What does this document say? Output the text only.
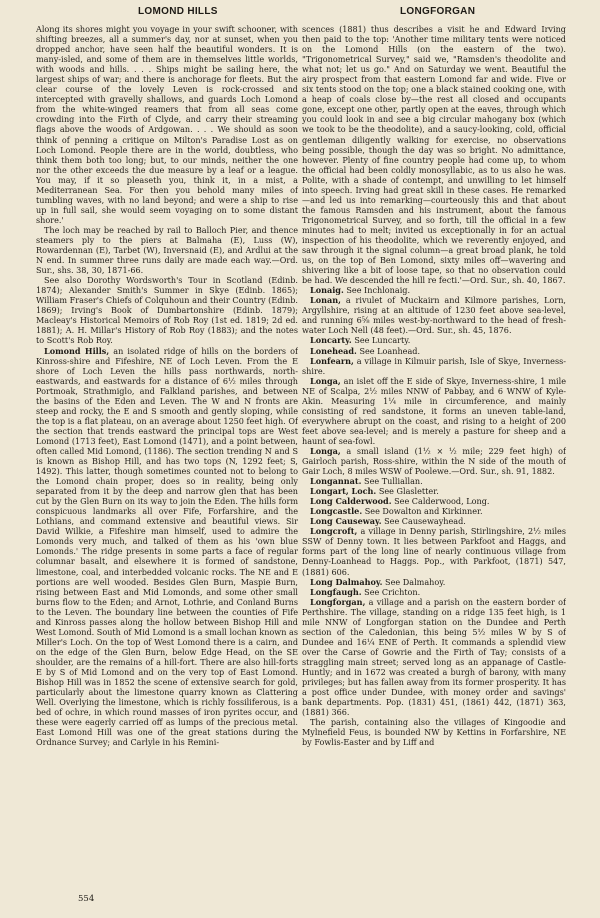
LOMOND HILLS	LONGFORGAN

Along its shores might you voyage in your swift schooner, with shifting breezes, all a summer's day, nor at sunset, when you dropped anchor, have seen half the beautiful wonders. It is many-isled, and some of them are in themselves little worlds, with woods and hills. . . . Ships might be sailing here, the largest ships of war; and there is anchorage for fleets. But the clear course of the lovely Leven is rock-crossed and intercepted with gravelly shallows, and guards Loch Lomond from the white-winged reamers that from all seas come crowding into the Firth of Clyde, and carry their streaming flags above the woods of Ardgowan. . . . We should as soon think of penning a critique on Milton's Paradise Lost as on Loch Lomond. People there are in the world, doubtless, who think them both too long; but, to our minds, neither the one nor the other exceeds the due measure by a leaf or a league. You may, if it so pleaseth you, think it, in a mist, a Mediterranean Sea. For then you behold many miles of tumbling waves, with no land beyond; and were a ship to rise up in full sail, she would seem voyaging on to some distant shore.'

The loch may be reached by rail to Balloch Pier, and thence steamers ply to the piers at Balmaha (E), Luss (W), Rowardennan (E), Tarbet (W), Inversnaid (E), and Ardlui at the N end. In summer three runs daily are made each way.—Ord. Sur., shs. 38, 30, 1871-66.

See also Dorothy Wordsworth's Tour in Scotland (Edinb. 1874); Alexander Smith's Summer in Skye (Edinb. 1865); William Fraser's Chiefs of Colquhoun and their Country (Edinb. 1869); Irving's Book of Dumbartonshire (Edinb. 1879); Macleay's Historical Memoirs of Rob Roy (1st ed. 1819; 2d ed. 1881); A. H. Millar's History of Rob Roy (1883); and the notes to Scott's Rob Roy.

Lomond Hills, an isolated ridge of hills on the borders of Kinross-shire and Fifeshire, NE of Loch Leven. From the E shore of Loch Leven the hills pass northwards, north-eastwards, and eastwards for a distance of 6½ miles through Portmoak, Strathmiglo, and Falkland parishes, and between the basins of the Eden and Leven. The W and N fronts are steep and rocky, the E and S smooth and gently sloping, while the top is a flat plateau, on an average about 1250 feet high. Of the section that trends eastward the principal tops are West Lomond (1713 feet), East Lomond (1471), and a point between, often called Mid Lomond, (1186). The section trending N and S is known as Bishop Hill, and has two tops (N, 1292 feet; S, 1492). This latter, though sometimes counted not to belong to the Lomond chain proper, does so in reality, being only separated from it by the deep and narrow glen that has been cut by the Glen Burn on its way to join the Eden. The hills form conspicuous landmarks all over Fife, Forfarshire, and the Lothians, and command extensive and beautiful views. Sir David Wilkie, a Fifeshire man himself, used to admire the Lomonds very much, and talked of them as his 'own blue Lomonds.' The ridge presents in some parts a face of regular columnar basalt, and elsewhere it is formed of sandstone, limestone, coal, and interbedded volcanic rocks. The NE and E portions are well wooded. Besides Glen Burn, Maspie Burn, rising between East and Mid Lomonds, and some other small burns flow to the Eden; and Arnot, Lothrie, and Conland Burns to the Leven. The boundary line between the counties of Fife and Kinross passes along the hollow between Bishop Hill and West Lomond. South of Mid Lomond is a small lochan known as Miller's Loch. On the top of West Lomond there is a cairn, and on the edge of the Glen Burn, below Edge Head, on the SE shoulder, are the remains of a hill-fort. There are also hill-forts E by S of Mid Lomond and on the very top of East Lomond. Bishop Hill was in 1852 the scene of extensive search for gold, particularly about the limestone quarry known as Clattering Well. Overlying the limestone, which is richly fossiliferous, is a bed of ochre, in which round masses of iron pyrites occur, and these were eagerly carried off as lumps of the precious metal. East Lomond Hill was one of the great stations during the Ordnance Survey; and Carlyle in his Remini-

scences (1881) thus describes a visit he and Edward Irving then paid to the top: 'Another time military tents were noticed on the Lomond Hills (on the eastern of the two). "Trigonometrical Survey," said we, "Ramsden's theodolite and what not; let us go." And on Saturday we went. Beautiful the airy prospect from that eastern Lomond far and wide. Five or six tents stood on the top; one a black stained cooking one, with a heap of coals close by—the rest all closed and occupants gone, except one other, partly open at the eaves, through which you could look in and see a big circular mahogany box (which we took to be the theodolite), and a saucy-looking, cold, official gentleman diligently walking for exercise, no observations being possible, though the day was so bright. No admittance, however. Plenty of fine country people had come up, to whom the official had been coldly monosyllabic, as to us also he was. Polite, with a shade of contempt, and unwilling to let himself into speech. Irving had great skill in these cases. He remarked—and led us into remarking—courteously this and that about the famous Ramsden and his instrument, about the famous Trigonometrical Survey, and so forth, till the official in a few minutes had to melt; invited us exceptionally in for an actual inspection of his theodolite, which we reverently enjoyed, and saw through it the signal column—a great broad plank, he told us, on the top of Ben Lomond, sixty miles off—wavering and shivering like a bit of loose tape, so that no observation could be had. We descended the hill re fecti.'—Ord. Sur., sh. 40, 1867.

Lonaig. See Inchlonaig.

Lonan, a rivulet of Muckairn and Kilmore parishes, Lorn, Argyllshire, rising at an altitude of 1230 feet above sea-level, and running 6⅝ miles west-by-northward to the head of fresh-water Loch Nell (48 feet).—Ord. Sur., sh. 45, 1876.

Loncarty. See Luncarty.

Lonehead. See Loanhead.

Lonfearn, a village in Kilmuir parish, Isle of Skye, Inverness-shire.

Longa, an islet off the E side of Skye, Inverness-shire, 1 mile NE of Scalpa, 2½ miles NNW of Pabbay, and 6 WNW of Kyle-Akin. Measuring 1¼ mile in circumference, and mainly consisting of red sandstone, it forms an uneven table-land, everywhere abrupt on the coast, and rising to a height of 200 feet above sea-level; and is merely a pasture for sheep and a haunt of sea-fowl.

Longa, a small island (1½ × ½ mile; 229 feet high) of Gairloch parish, Ross-shire, within the N side of the mouth of Gair Loch, 8 miles WSW of Poolewe.—Ord. Sur., sh. 91, 1882.

Longannat. See Tulliallan.

Longart, Loch. See Glasletter.

Long Calderwood. See Calderwood, Long.

Longcastle. See Dowalton and Kirkinner.

Long Causeway. See Causewayhead.

Longcroft, a village in Denny parish, Stirlingshire, 2½ miles SSW of Denny town. It lies between Parkfoot and Haggs, and forms part of the long line of nearly continuous village from Denny-Loanhead to Haggs. Pop., with Parkfoot, (1871) 547, (1881) 606.

Long Dalmahoy. See Dalmahoy.

Longfaugh. See Crichton.

Longforgan, a village and a parish on the eastern border of Perthshire. The village, standing on a ridge 135 feet high, is 1 mile NNW of Longforgan station on the Dundee and Perth section of the Caledonian, this being 5½ miles W by S of Dundee and 16¼ ENE of Perth. It commands a splendid view over the Carse of Gowrie and the Firth of Tay; consists of a straggling main street; served long as an appanage of Castle-Huntly; and in 1672 was created a burgh of barony, with many privileges; but has fallen away from its former prosperity. It has a post office under Dundee, with money order and savings' bank departments. Pop. (1831) 451, (1861) 442, (1871) 363, (1881) 366.

The parish, containing also the villages of Kingoodie and Mylnefield Feus, is bounded NW by Kettins in Forfarshire, NE by Fowlis-Easter and by Liff and

554
